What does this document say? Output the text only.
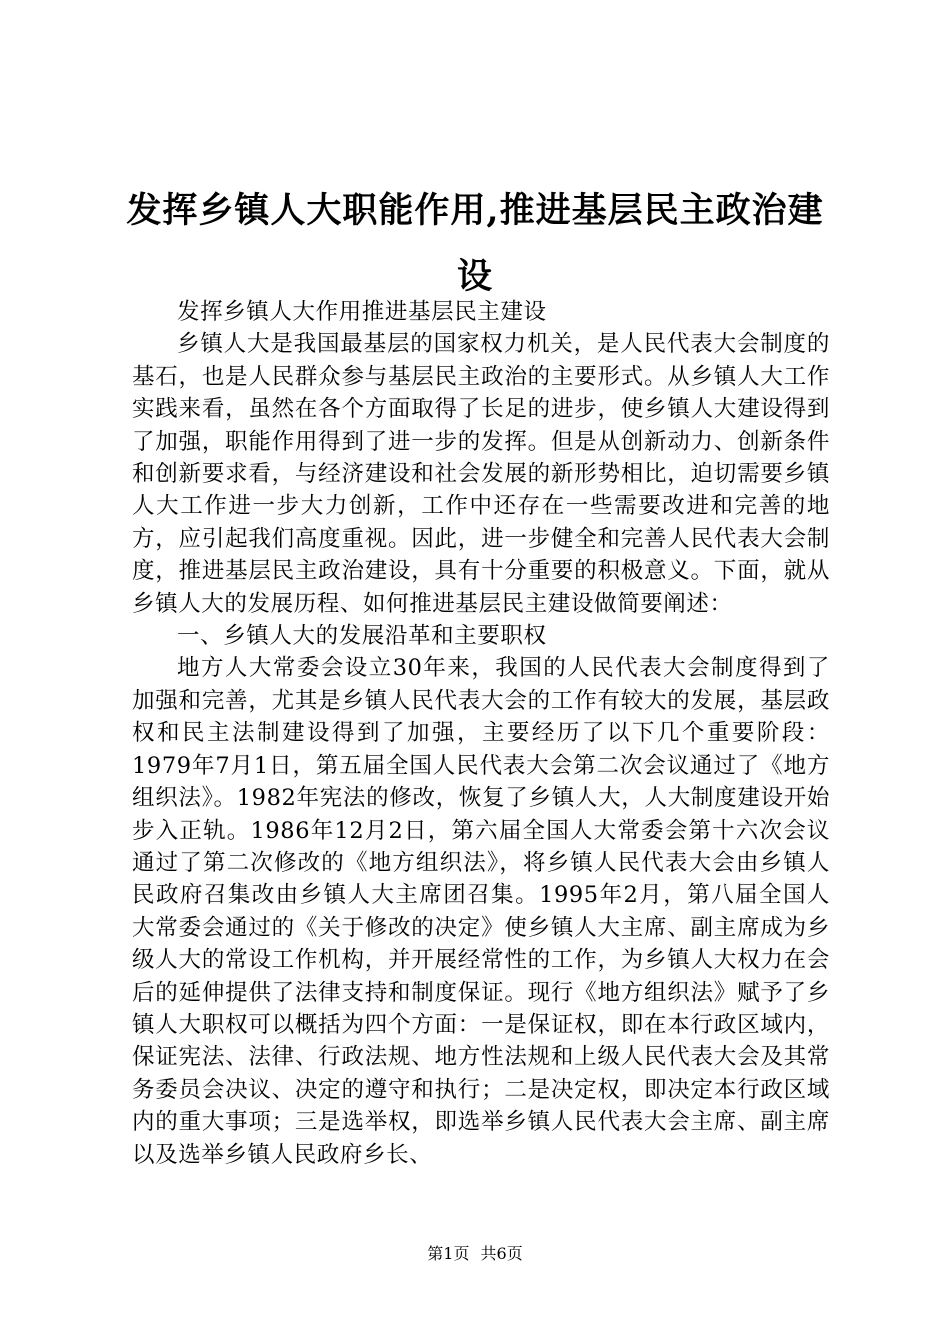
发挥乡镇人大职能作用,推进基层民主政治建设

发挥乡镇人大作用推进基层民主建设

乡镇人大是我国最基层的国家权力机关，是人民代表大会制度的基石，也是人民群众参与基层民主政治的主要形式。从乡镇人大工作实践来看，虽然在各个方面取得了长足的进步，使乡镇人大建设得到了加强，职能作用得到了进一步的发挥。但是从创新动力、创新条件和创新要求看，与经济建设和社会发展的新形势相比，迫切需要乡镇人大工作进一步大力创新，工作中还存在一些需要改进和完善的地方，应引起我们高度重视。因此，进一步健全和完善人民代表大会制度，推进基层民主政治建设，具有十分重要的积极意义。下面，就从乡镇人大的发展历程、如何推进基层民主建设做简要阐述：

一、乡镇人大的发展沿革和主要职权

地方人大常委会设立30年来，我国的人民代表大会制度得到了加强和完善，尤其是乡镇人民代表大会的工作有较大的发展，基层政权和民主法制建设得到了加强，主要经历了以下几个重要阶段：1979年7月1日，第五届全国人民代表大会第二次会议通过了《地方组织法》。1982年宪法的修改，恢复了乡镇人大，人大制度建设开始步入正轨。1986年12月2日，第六届全国人大常委会第十六次会议通过了第二次修改的《地方组织法》，将乡镇人民代表大会由乡镇人民政府召集改由乡镇人大主席团召集。1995年2月，第八届全国人大常委会通过的《关于修改的决定》使乡镇人大主席、副主席成为乡级人大的常设工作机构，并开展经常性的工作，为乡镇人大权力在会后的延伸提供了法律支持和制度保证。现行《地方组织法》赋予了乡镇人大职权可以概括为四个方面：一是保证权，即在本行政区域内，保证宪法、法律、行政法规、地方性法规和上级人民代表大会及其常务委员会决议、决定的遵守和执行；二是决定权，即决定本行政区域内的重大事项；三是选举权，即选举乡镇人民代表大会主席、副主席以及选举乡镇人民政府乡长、

第1页 共6页
